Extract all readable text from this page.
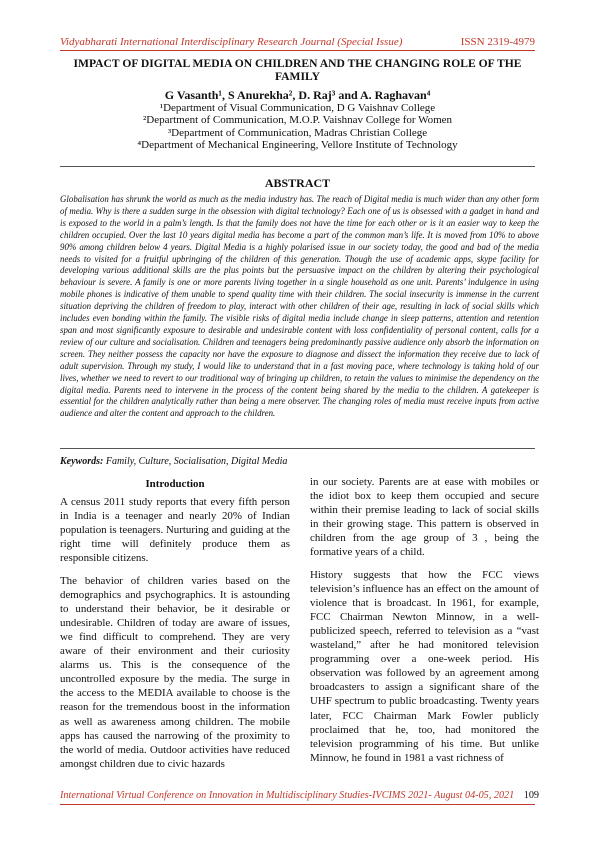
Vidyabharati International Interdisciplinary Research Journal (Special Issue)	ISSN 2319-4979
IMPACT OF DIGITAL MEDIA ON CHILDREN AND THE CHANGING ROLE OF THE FAMILY
G Vasanth¹, S Anurekha², D. Raj³ and A. Raghavan⁴
¹Department of Visual Communication, D G Vaishnav College
²Department of Communication, M.O.P. Vaishnav College for Women
³Department of Communication, Madras Christian College
⁴Department of Mechanical Engineering, Vellore Institute of Technology
ABSTRACT
Globalisation has shrunk the world as much as the media industry has. The reach of Digital media is much wider than any other form of media. Why is there a sudden surge in the obsession with digital technology? Each one of us is obsessed with a gadget in hand and is exposed to the world in a palm’s length. Is that the family does not have the time for each other or is it an easier way to keep the children occupied. Over the last 10 years digital media has become a part of the common man’s life. It is moved from 10% to above 90% among children below 4 years. Digital Media is a highly polarised issue in our society today, the good and bad of the media needs to visited for a fruitful upbringing of the children of this generation. Though the use of academic apps, skype facility for developing various additional skills are the plus points but the persuasive impact on the children by altering their psychological behaviour is severe. A family is one or more parents living together in a single household as one unit. Parents’ indulgence in using mobile phones is indicative of them unable to spend quality time with their children. The social insecurity is immense in the current situation depriving the children of freedom to play, interact with other children of their age, resulting in lack of social skills which includes even bonding within the family. The visible risks of digital media include change in sleep patterns, attention and retention span and most significantly exposure to desirable and undesirable content with loss confidentiality of personal content, calls for a review of our culture and socialisation. Children and teenagers being predominantly passive audience only absorb the information on screen. They neither possess the capacity nor have the exposure to diagnose and dissect the information they receive due to lack of adult supervision. Through my study, I would like to understand that in a fast moving pace, where technology is taking hold of our lives, whether we need to revert to our traditional way of bringing up children, to retain the values to minimise the dependency on the digital media. Parents need to intervene in the process of the content being shared by the media to the children. A gatekeeper is essential for the children analytically rather than being a mere observer. The changing roles of media must receive inputs from active audience and alter the content and approach to the children.
Keywords: Family, Culture, Socialisation, Digital Media
Introduction

A census 2011 study reports that every fifth person in India is a teenager and nearly 20% of Indian population is teenagers. Nurturing and guiding at the right time will definitely produce them as responsible citizens.

The behavior of children varies based on the demographics and psychographics. It is astounding to understand their behavior, be it desirable or undesirable. Children of today are aware of issues, we find difficult to comprehend. They are very aware of their environment and their curiosity alarms us. This is the consequence of the uncontrolled exposure by the media. The surge in the access to the MEDIA available to choose is the reason for the tremendous boost in the information as well as awareness among children. The mobile apps has caused the narrowing of the proximity to the world of media. Outdoor activities have reduced amongst children due to civic hazards

in our society. Parents are at ease with mobiles or the idiot box to keep them occupied and secure within their premise leading to lack of social skills in their growing stage. This pattern is observed in children from the age group of 3 , being the formative years of a child.

History suggests that how the FCC views television’s influence has an effect on the amount of violence that is broadcast. In 1961, for example, FCC Chairman Newton Minnow, in a well-publicized speech, referred to television as a “vast wasteland,” after he had monitored television programming over a one-week period. His observation was followed by an agreement among broadcasters to assign a significant share of the UHF spectrum to public broadcasting. Twenty years later, FCC Chairman Mark Fowler publicly proclaimed that he, too, had monitored the television programming of his time. But unlike Minnow, he found in 1981 a vast richness of

International Virtual Conference on Innovation in Multidisciplinary Studies-IVCIMS 2021- August 04-05, 2021 109
